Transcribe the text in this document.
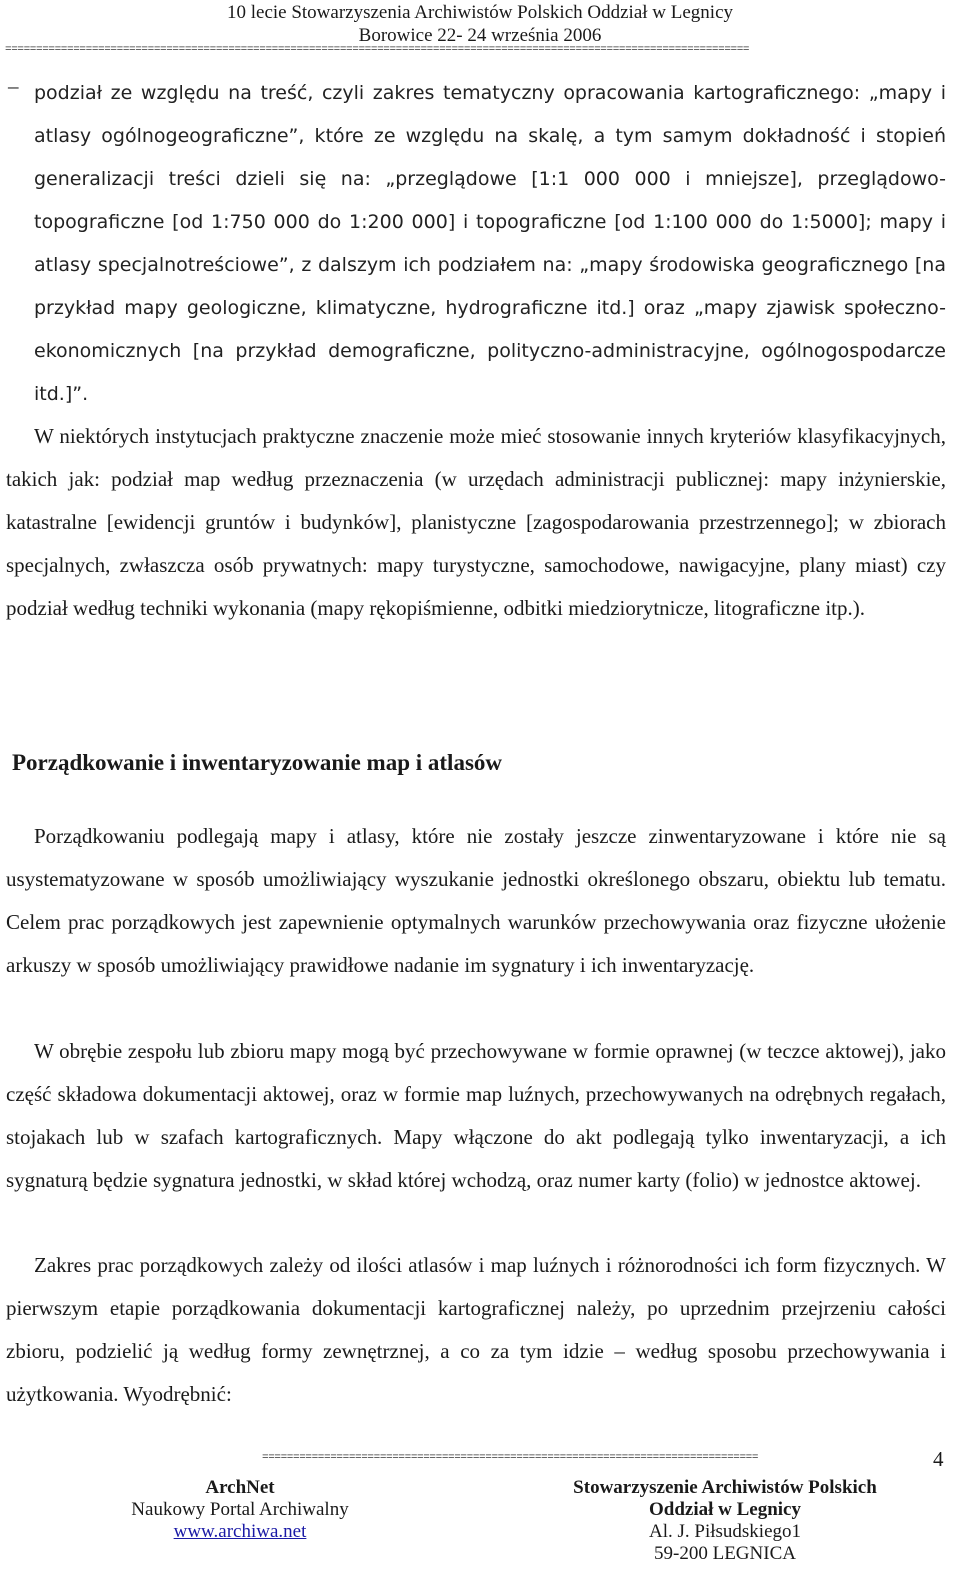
10 lecie Stowarzyszenia Archiwistów Polskich Oddział w Legnicy
Borowice 22- 24 września 2006
========================================================================================================================
– podział ze względu na treść, czyli zakres tematyczny opracowania kartograficznego: „mapy i atlasy ogólnogeograficzne”, które ze względu na skalę, a tym samym dokładność i stopień generalizacji treści dzieli się na: „przeglądowe [1:1 000 000 i mniejsze], przeglądowo-topograficzne [od 1:750 000 do 1:200 000] i topograficzne [od 1:100 000 do 1:5000]; mapy i atlasy specjalnotreściowe”, z dalszym ich podziałem na: „mapy środowiska geograficznego [na przykład mapy geologiczne, klimatyczne, hydrograficzne itd.] oraz „mapy zjawisk społeczno-ekonomicznych [na przykład demograficzne, polityczno-administracyjne, ogólnogospodarcze itd.]”.
W niektórych instytucjach praktyczne znaczenie może mieć stosowanie innych kryteriów klasyfikacyjnych, takich jak: podział map według przeznaczenia (w urzędach administracji publicznej: mapy inżynierskie, katastralne [ewidencji gruntów i budynków], planistyczne [zagospodarowania przestrzennego]; w zbiorach specjalnych, zwłaszcza osób prywatnych: mapy turystyczne, samochodowe, nawigacyjne, plany miast) czy podział według techniki wykonania (mapy rękopiśmienne, odbitki miedziorytnicze, litograficzne itp.).
Porządkowanie i inwentaryzowanie map i atlasów
Porządkowaniu podlegają mapy i atlasy, które nie zostały jeszcze zinwentaryzowane i które nie są usystematyzowane w sposób umożliwiający wyszukanie jednostki określonego obszaru, obiektu lub tematu. Celem prac porządkowych jest zapewnienie optymalnych warunków przechowywania oraz fizyczne ułożenie arkuszy w sposób umożliwiający prawidłowe nadanie im sygnatury i ich inwentaryzację.
W obrębie zespołu lub zbioru mapy mogą być przechowywane w formie oprawnej (w teczce aktowej), jako część składowa dokumentacji aktowej, oraz w formie map luźnych, przechowywanych na odrębnych regałach, stojakach lub w szafach kartograficznych. Mapy włączone do akt podlegają tylko inwentaryzacji, a ich sygnaturą będzie sygnatura jednostki, w skład której wchodzą, oraz numer karty (folio) w jednostce aktowej.
Zakres prac porządkowych zależy od ilości atlasów i map luźnych i różnorodności ich form fizycznych. W pierwszym etapie porządkowania dokumentacji kartograficznej należy, po uprzednim przejrzeniu całości zbioru, podzielić ją według formy zewnętrznej, a co za tym idzie – według sposobu przechowywania i użytkowania. Wyodrębnić:
================================================================================	4
ArchNet
Naukowy Portal Archiwalny
www.archiwa.net
Stowarzyszenie Archiwistów Polskich
Oddział w Legnicy
Al. J. Piłsudskiego1
59-200 LEGNICA
